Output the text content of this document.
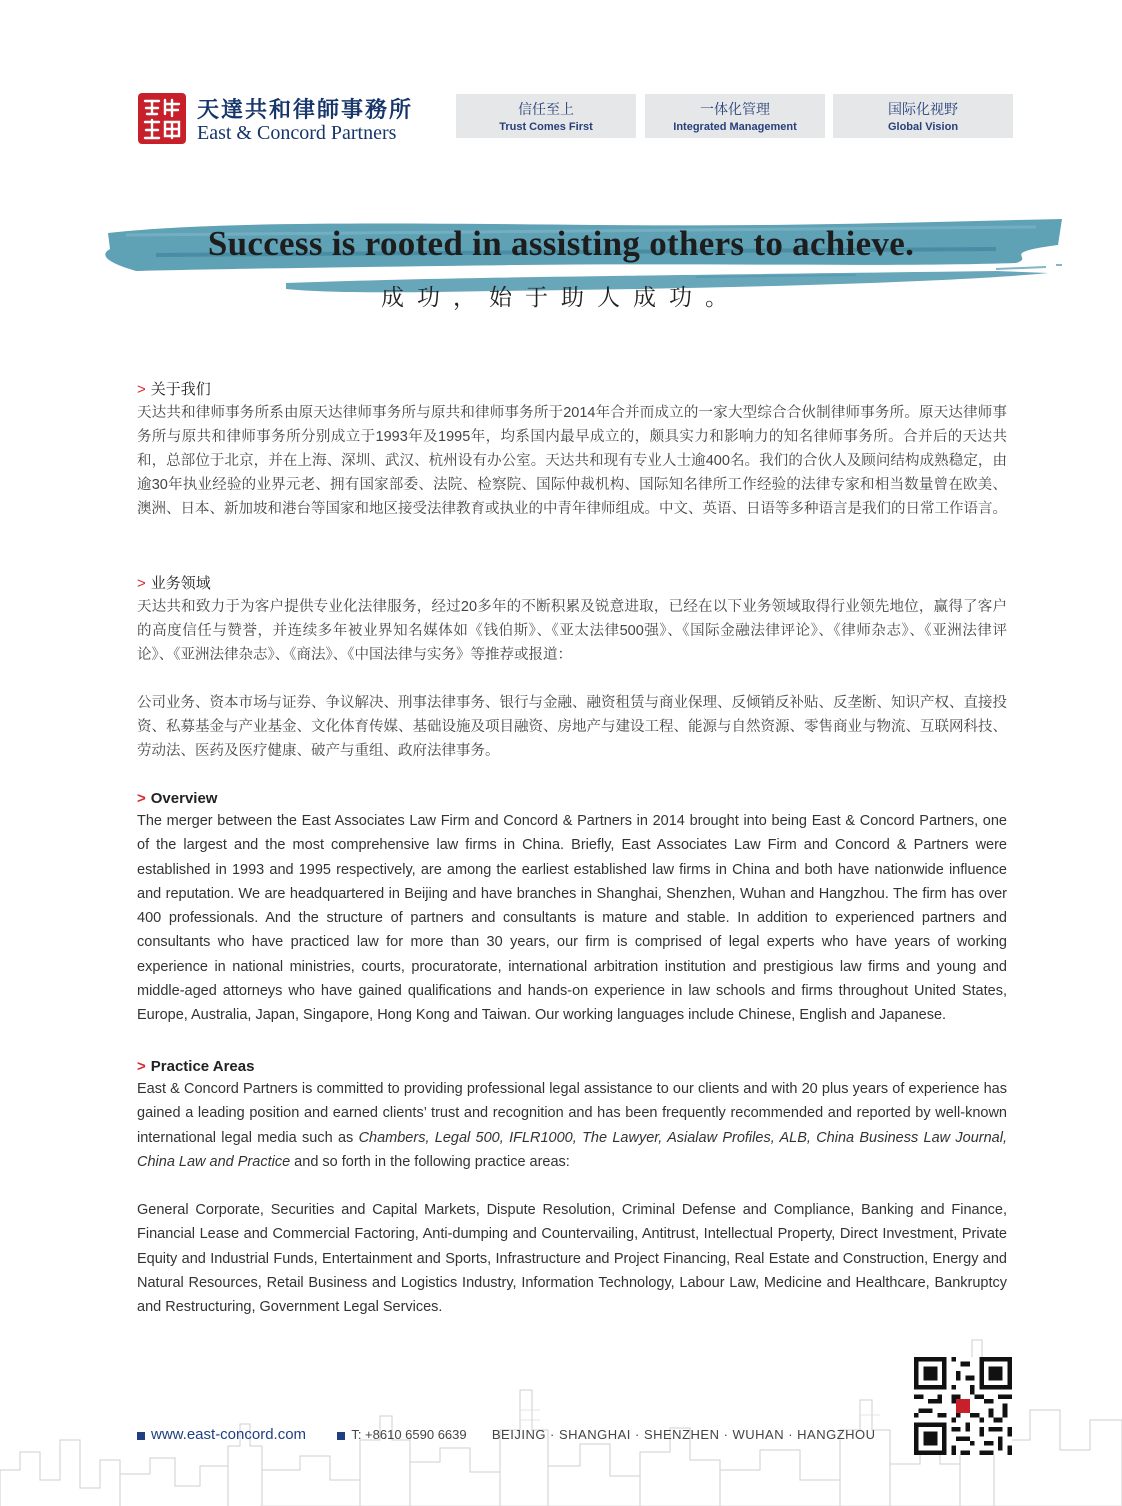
天達共和律師事務所
East & Concord Partners
信任至上
Trust Comes First
一体化管理
Integrated Management
国际化视野
Global Vision
Success is rooted in assisting others to achieve.
成功，始于助人成功。
> 关于我们

天达共和律师事务所系由原天达律师事务所与原共和律师事务所于2014年合并而成立的一家大型综合合伙制律师事务所。原天达律师事务所与原共和律师事务所分别成立于1993年及1995年，均系国内最早成立的，颇具实力和影响力的知名律师事务所。合并后的天达共和，总部位于北京，并在上海、深圳、武汉、杭州设有办公室。天达共和现有专业人士逾400名。我们的合伙人及顾问结构成熟稳定，由逾30年执业经验的业界元老、拥有国家部委、法院、检察院、国际仲裁机构、国际知名律所工作经验的法律专家和相当数量曾在欧美、澳洲、日本、新加坡和港台等国家和地区接受法律教育或执业的中青年律师组成。中文、英语、日语等多种语言是我们的日常工作语言。

> 业务领域

天达共和致力于为客户提供专业化法律服务，经过20多年的不断积累及锐意进取，已经在以下业务领域取得行业领先地位，赢得了客户的高度信任与赞誉，并连续多年被业界知名媒体如《钱伯斯》、《亚太法律500强》、《国际金融法律评论》、《律师杂志》、《亚洲法律评论》、《亚洲法律杂志》、《商法》、《中国法律与实务》等推荐或报道：

公司业务、资本市场与证券、争议解决、刑事法律事务、银行与金融、融资租赁与商业保理、反倾销反补贴、反垄断、知识产权、直接投资、私募基金与产业基金、文化体育传媒、基础设施及项目融资、房地产与建设工程、能源与自然资源、零售商业与物流、互联网科技、劳动法、医药及医疗健康、破产与重组、政府法律事务。

> Overview

The merger between the East Associates Law Firm and Concord & Partners in 2014 brought into being East & Concord Partners, one of the largest and the most comprehensive law firms in China. Briefly, East Associates Law Firm and Concord & Partners were established in 1993 and 1995 respectively, are among the earliest established law firms in China and both have nationwide influence and reputation. We are headquartered in Beijing and have branches in Shanghai, Shenzhen, Wuhan and Hangzhou. The firm has over 400 professionals. And the structure of partners and consultants is mature and stable. In addition to experienced partners and consultants who have practiced law for more than 30 years, our firm is comprised of legal experts who have years of working experience in national ministries, courts, procuratorate, international arbitration institution and prestigious law firms and young and middle-aged attorneys who have gained qualifications and hands-on experience in law schools and firms throughout United States, Europe, Australia, Japan, Singapore, Hong Kong and Taiwan. Our working languages include Chinese, English and Japanese.

> Practice Areas

East & Concord Partners is committed to providing professional legal assistance to our clients and with 20 plus years of experience has gained a leading position and earned clients’ trust and recognition and has been frequently recommended and reported by well-known international legal media such as Chambers, Legal 500, IFLR1000, The Lawyer, Asialaw Profiles, ALB, China Business Law Journal, China Law and Practice and so forth in the following practice areas:

General Corporate, Securities and Capital Markets, Dispute Resolution, Criminal Defense and Compliance, Banking and Finance, Financial Lease and Commercial Factoring, Anti-dumping and Countervailing, Antitrust, Intellectual Property, Direct Investment, Private Equity and Industrial Funds, Entertainment and Sports, Infrastructure and Project Financing, Real Estate and Construction, Energy and Natural Resources, Retail Business and Logistics Industry, Information Technology, Labour Law, Medicine and Healthcare, Bankruptcy and Restructuring, Government Legal Services.

www.east-concord.com	T: +8610 6590 6639 BEIJING · SHANGHAI · SHENZHEN · WUHAN · HANGZHOU
